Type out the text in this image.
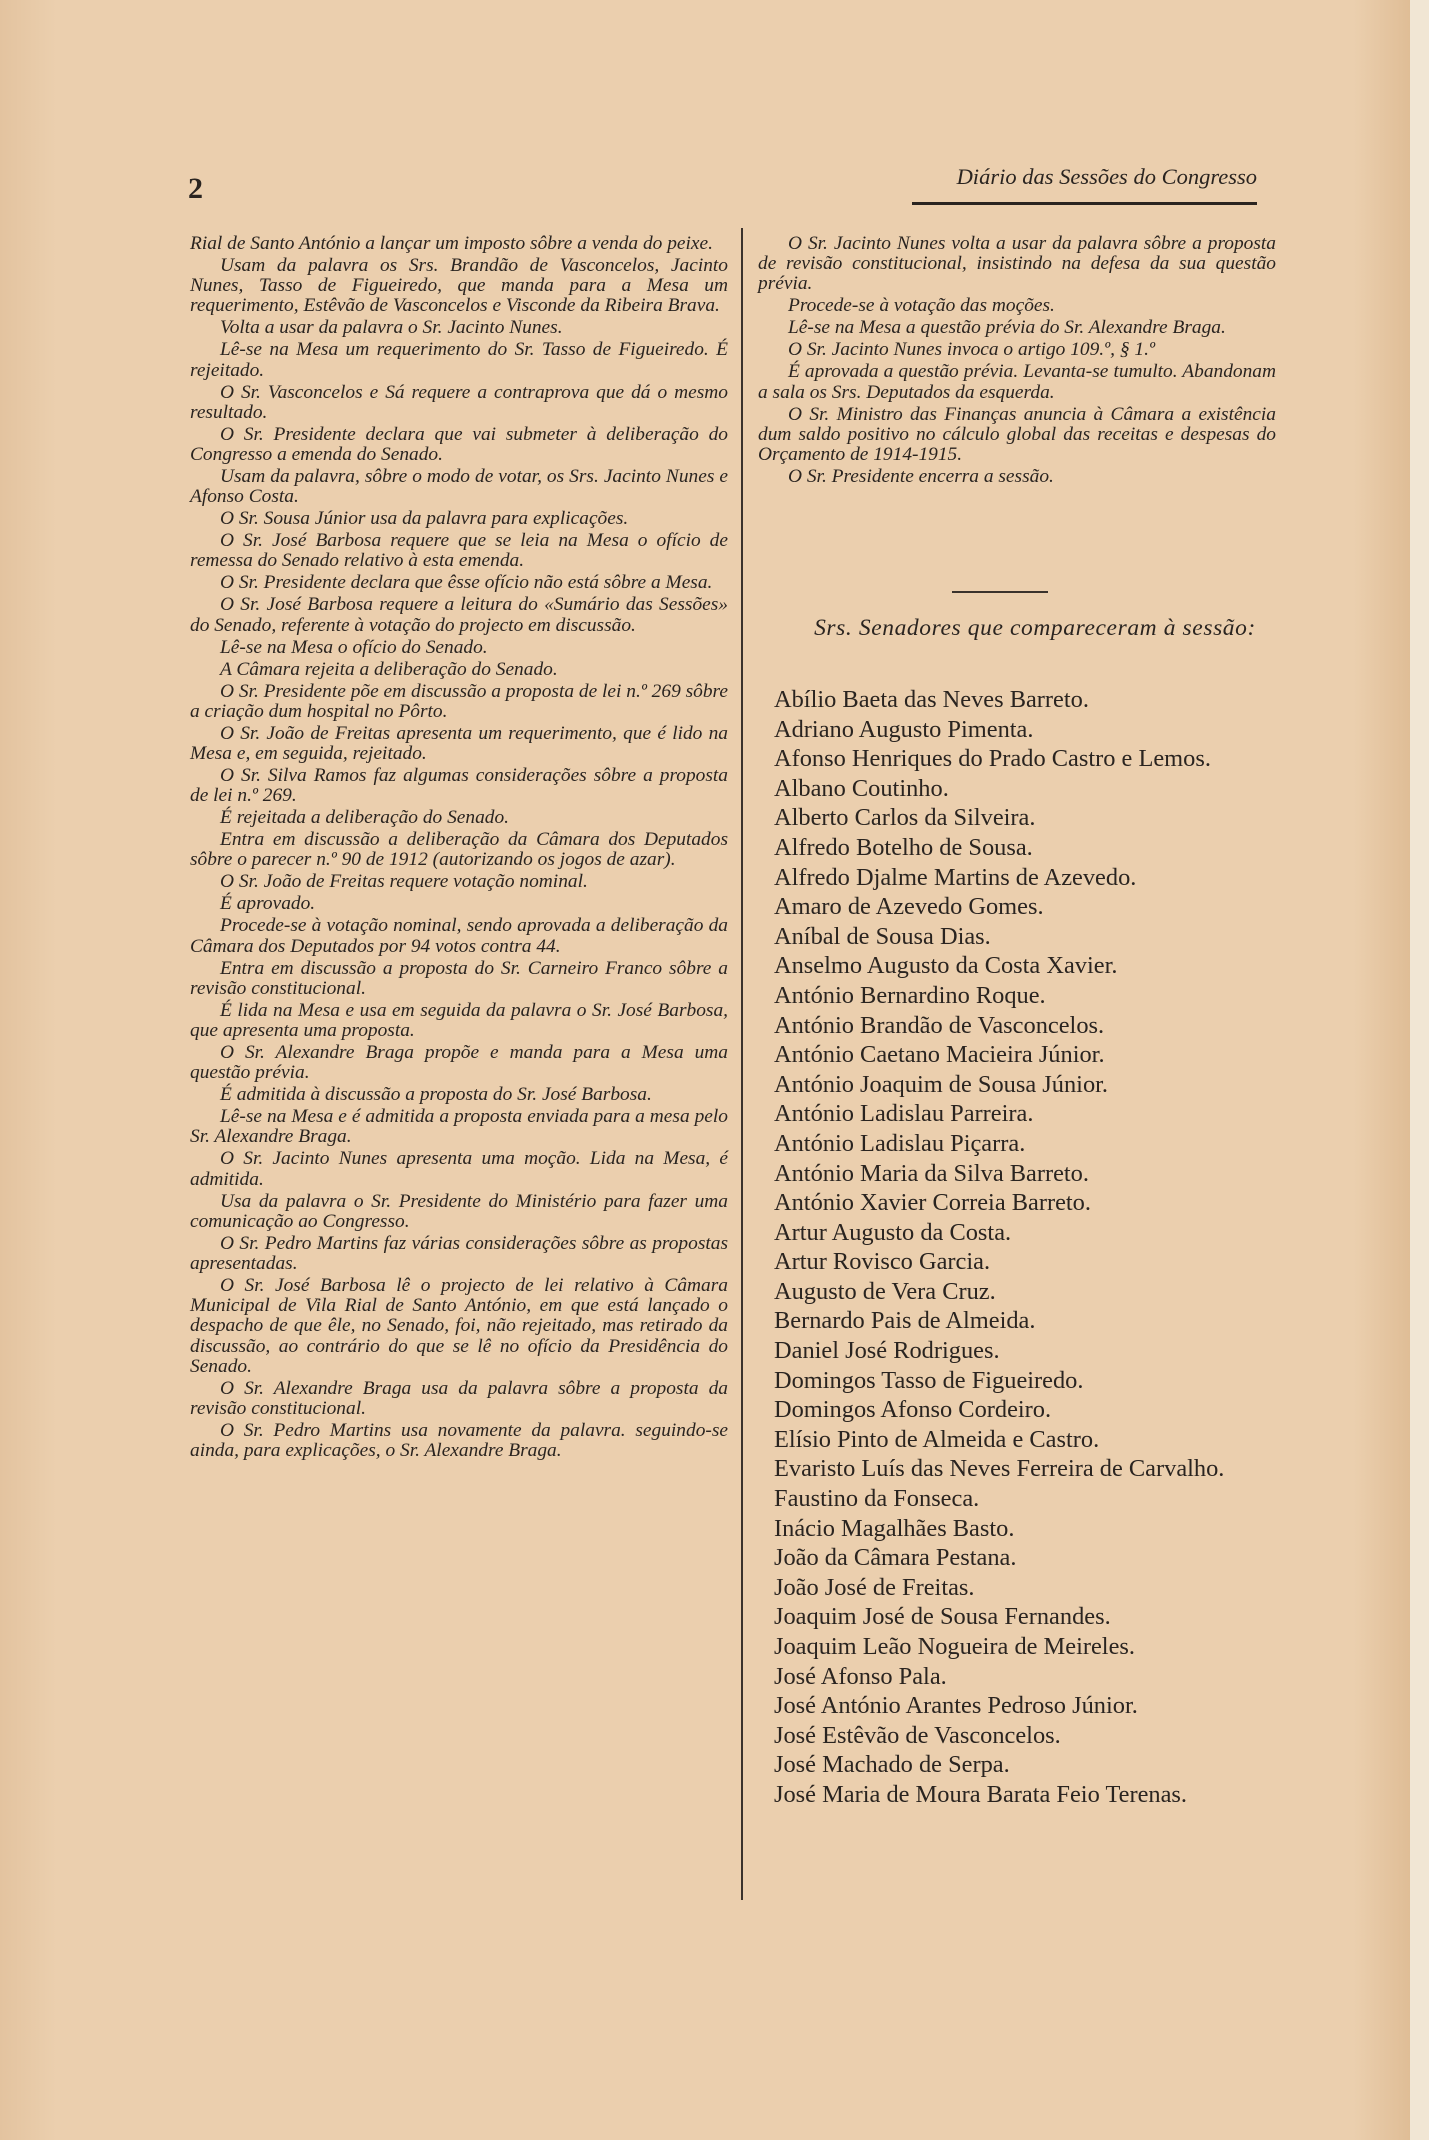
2	Diário das Sessões do Congresso

Rial de Santo António a lançar um imposto sôbre a venda do peixe.

Usam da palavra os Srs. Brandão de Vasconcelos, Jacinto Nunes, Tasso de Figueiredo, que manda para a Mesa um requerimento, Estêvão de Vasconcelos e Visconde da Ribeira Brava.

Volta a usar da palavra o Sr. Jacinto Nunes.

Lê-se na Mesa um requerimento do Sr. Tasso de Figueiredo. É rejeitado.

O Sr. Vasconcelos e Sá requere a contraprova que dá o mesmo resultado.

O Sr. Presidente declara que vai submeter à deliberação do Congresso a emenda do Senado.

Usam da palavra, sôbre o modo de votar, os Srs. Jacinto Nunes e Afonso Costa.

O Sr. Sousa Júnior usa da palavra para explicações.

O Sr. José Barbosa requere que se leia na Mesa o ofício de remessa do Senado relativo à esta emenda.

O Sr. Presidente declara que êsse ofício não está sôbre a Mesa.

O Sr. José Barbosa requere a leitura do «Sumário das Sessões» do Senado, referente à votação do projecto em discussão.

Lê-se na Mesa o ofício do Senado.

A Câmara rejeita a deliberação do Senado.

O Sr. Presidente põe em discussão a proposta de lei n.º 269 sôbre a criação dum hospital no Pôrto.

O Sr. João de Freitas apresenta um requerimento, que é lido na Mesa e, em seguida, rejeitado.

O Sr. Silva Ramos faz algumas considerações sôbre a proposta de lei n.º 269.

É rejeitada a deliberação do Senado.

Entra em discussão a deliberação da Câmara dos Deputados sôbre o parecer n.º 90 de 1912 (autorizando os jogos de azar).

O Sr. João de Freitas requere votação nominal.

É aprovado.

Procede-se à votação nominal, sendo aprovada a deliberação da Câmara dos Deputados por 94 votos contra 44.

Entra em discussão a proposta do Sr. Carneiro Franco sôbre a revisão constitucional.

É lida na Mesa e usa em seguida da palavra o Sr. José Barbosa, que apresenta uma proposta.

O Sr. Alexandre Braga propõe e manda para a Mesa uma questão prévia.

É admitida à discussão a proposta do Sr. José Barbosa.

Lê-se na Mesa e é admitida a proposta enviada para a mesa pelo Sr. Alexandre Braga.

O Sr. Jacinto Nunes apresenta uma moção. Lida na Mesa, é admitida.

Usa da palavra o Sr. Presidente do Ministério para fazer uma comunicação ao Congresso.

O Sr. Pedro Martins faz várias considerações sôbre as propostas apresentadas.

O Sr. José Barbosa lê o projecto de lei relativo à Câmara Municipal de Vila Rial de Santo António, em que está lançado o despacho de que êle, no Senado, foi, não rejeitado, mas retirado da discussão, ao contrário do que se lê no ofício da Presidência do Senado.

O Sr. Alexandre Braga usa da palavra sôbre a proposta da revisão constitucional.

O Sr. Pedro Martins usa novamente da palavra. seguindo-se ainda, para explicações, o Sr. Alexandre Braga.

O Sr. Jacinto Nunes volta a usar da palavra sôbre a proposta de revisão constitucional, insistindo na defesa da sua questão prévia.

Procede-se à votação das moções.

Lê-se na Mesa a questão prévia do Sr. Alexandre Braga.

O Sr. Jacinto Nunes invoca o artigo 109.º, § 1.º

É aprovada a questão prévia. Levanta-se tumulto. Abandonam a sala os Srs. Deputados da esquerda.

O Sr. Ministro das Finanças anuncia à Câmara a existência dum saldo positivo no cálculo global das receitas e despesas do Orçamento de 1914-1915.

O Sr. Presidente encerra a sessão.

Srs. Senadores que compareceram à sessão:
Abílio Baeta das Neves Barreto.
Adriano Augusto Pimenta.
Afonso Henriques do Prado Castro e Lemos.
Albano Coutinho.
Alberto Carlos da Silveira.
Alfredo Botelho de Sousa.
Alfredo Djalme Martins de Azevedo.
Amaro de Azevedo Gomes.
Aníbal de Sousa Dias.
Anselmo Augusto da Costa Xavier.
António Bernardino Roque.
António Brandão de Vasconcelos.
António Caetano Macieira Júnior.
António Joaquim de Sousa Júnior.
António Ladislau Parreira.
António Ladislau Piçarra.
António Maria da Silva Barreto.
António Xavier Correia Barreto.
Artur Augusto da Costa.
Artur Rovisco Garcia.
Augusto de Vera Cruz.
Bernardo Pais de Almeida.
Daniel José Rodrigues.
Domingos Tasso de Figueiredo.
Domingos Afonso Cordeiro.
Elísio Pinto de Almeida e Castro.
Evaristo Luís das Neves Ferreira de Carvalho.
Faustino da Fonseca.
Inácio Magalhães Basto.
João da Câmara Pestana.
João José de Freitas.
Joaquim José de Sousa Fernandes.
Joaquim Leão Nogueira de Meireles.
José Afonso Pala.
José António Arantes Pedroso Júnior.
José Estêvão de Vasconcelos.
José Machado de Serpa.
José Maria de Moura Barata Feio Terenas.
